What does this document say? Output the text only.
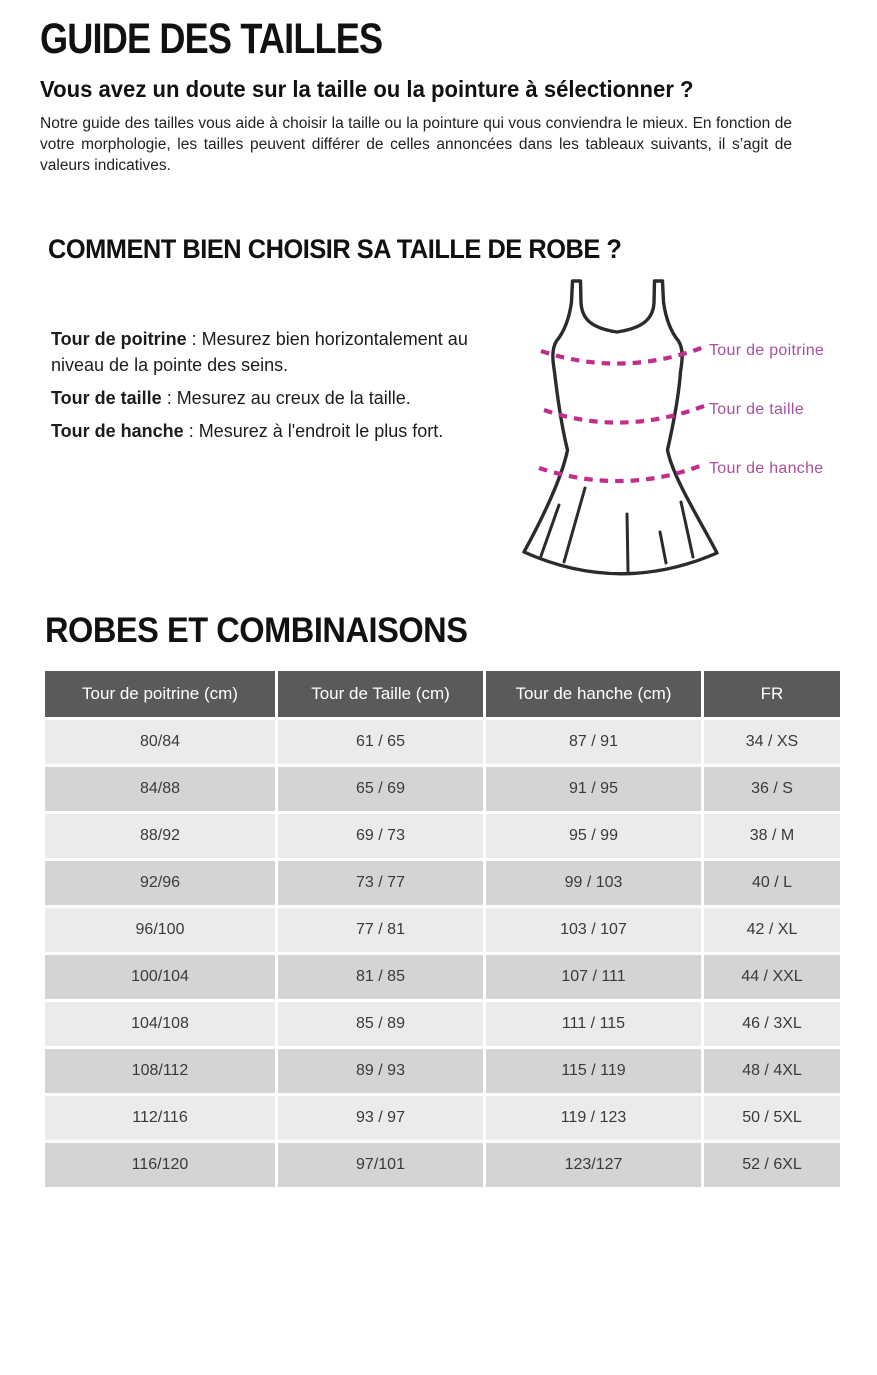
GUIDE DES TAILLES
Vous avez un doute sur la taille ou la pointure à sélectionner ?

Notre guide des tailles vous aide à choisir la taille ou la pointure qui vous conviendra le mieux. En fonction de votre morphologie, les tailles peuvent différer de celles annoncées dans les tableaux suivants, il s’agit de valeurs indicatives.

COMMENT BIEN CHOISIR SA TAILLE DE ROBE ?

Tour de poitrine : Mesurez bien horizontalement au niveau de la pointe des seins.

Tour de taille : Mesurez au creux de la taille.

Tour de hanche : Mesurez à l'endroit le plus fort.

Tour de poitrine
Tour de taille
Tour de hanche
ROBES ET COMBINAISONS
Tour de poitrine (cm)	Tour de Taille (cm)	Tour de hanche (cm)	FR
80/84	61 / 65	87 / 91	34 / XS
84/88	65 / 69	91 / 95	36 / S
88/92	69 / 73	95 / 99	38 / M
92/96	73 / 77	99 / 103	40 / L
96/100	77 / 81	103 / 107	42 / XL
100/104	81 / 85	107 / 111	44 / XXL
104/108	85 / 89	111 / 115	46 / 3XL
108/112	89 / 93	115 / 119	48 / 4XL
112/116	93 / 97	119 / 123	50 / 5XL
116/120	97/101	123/127	52 / 6XL
